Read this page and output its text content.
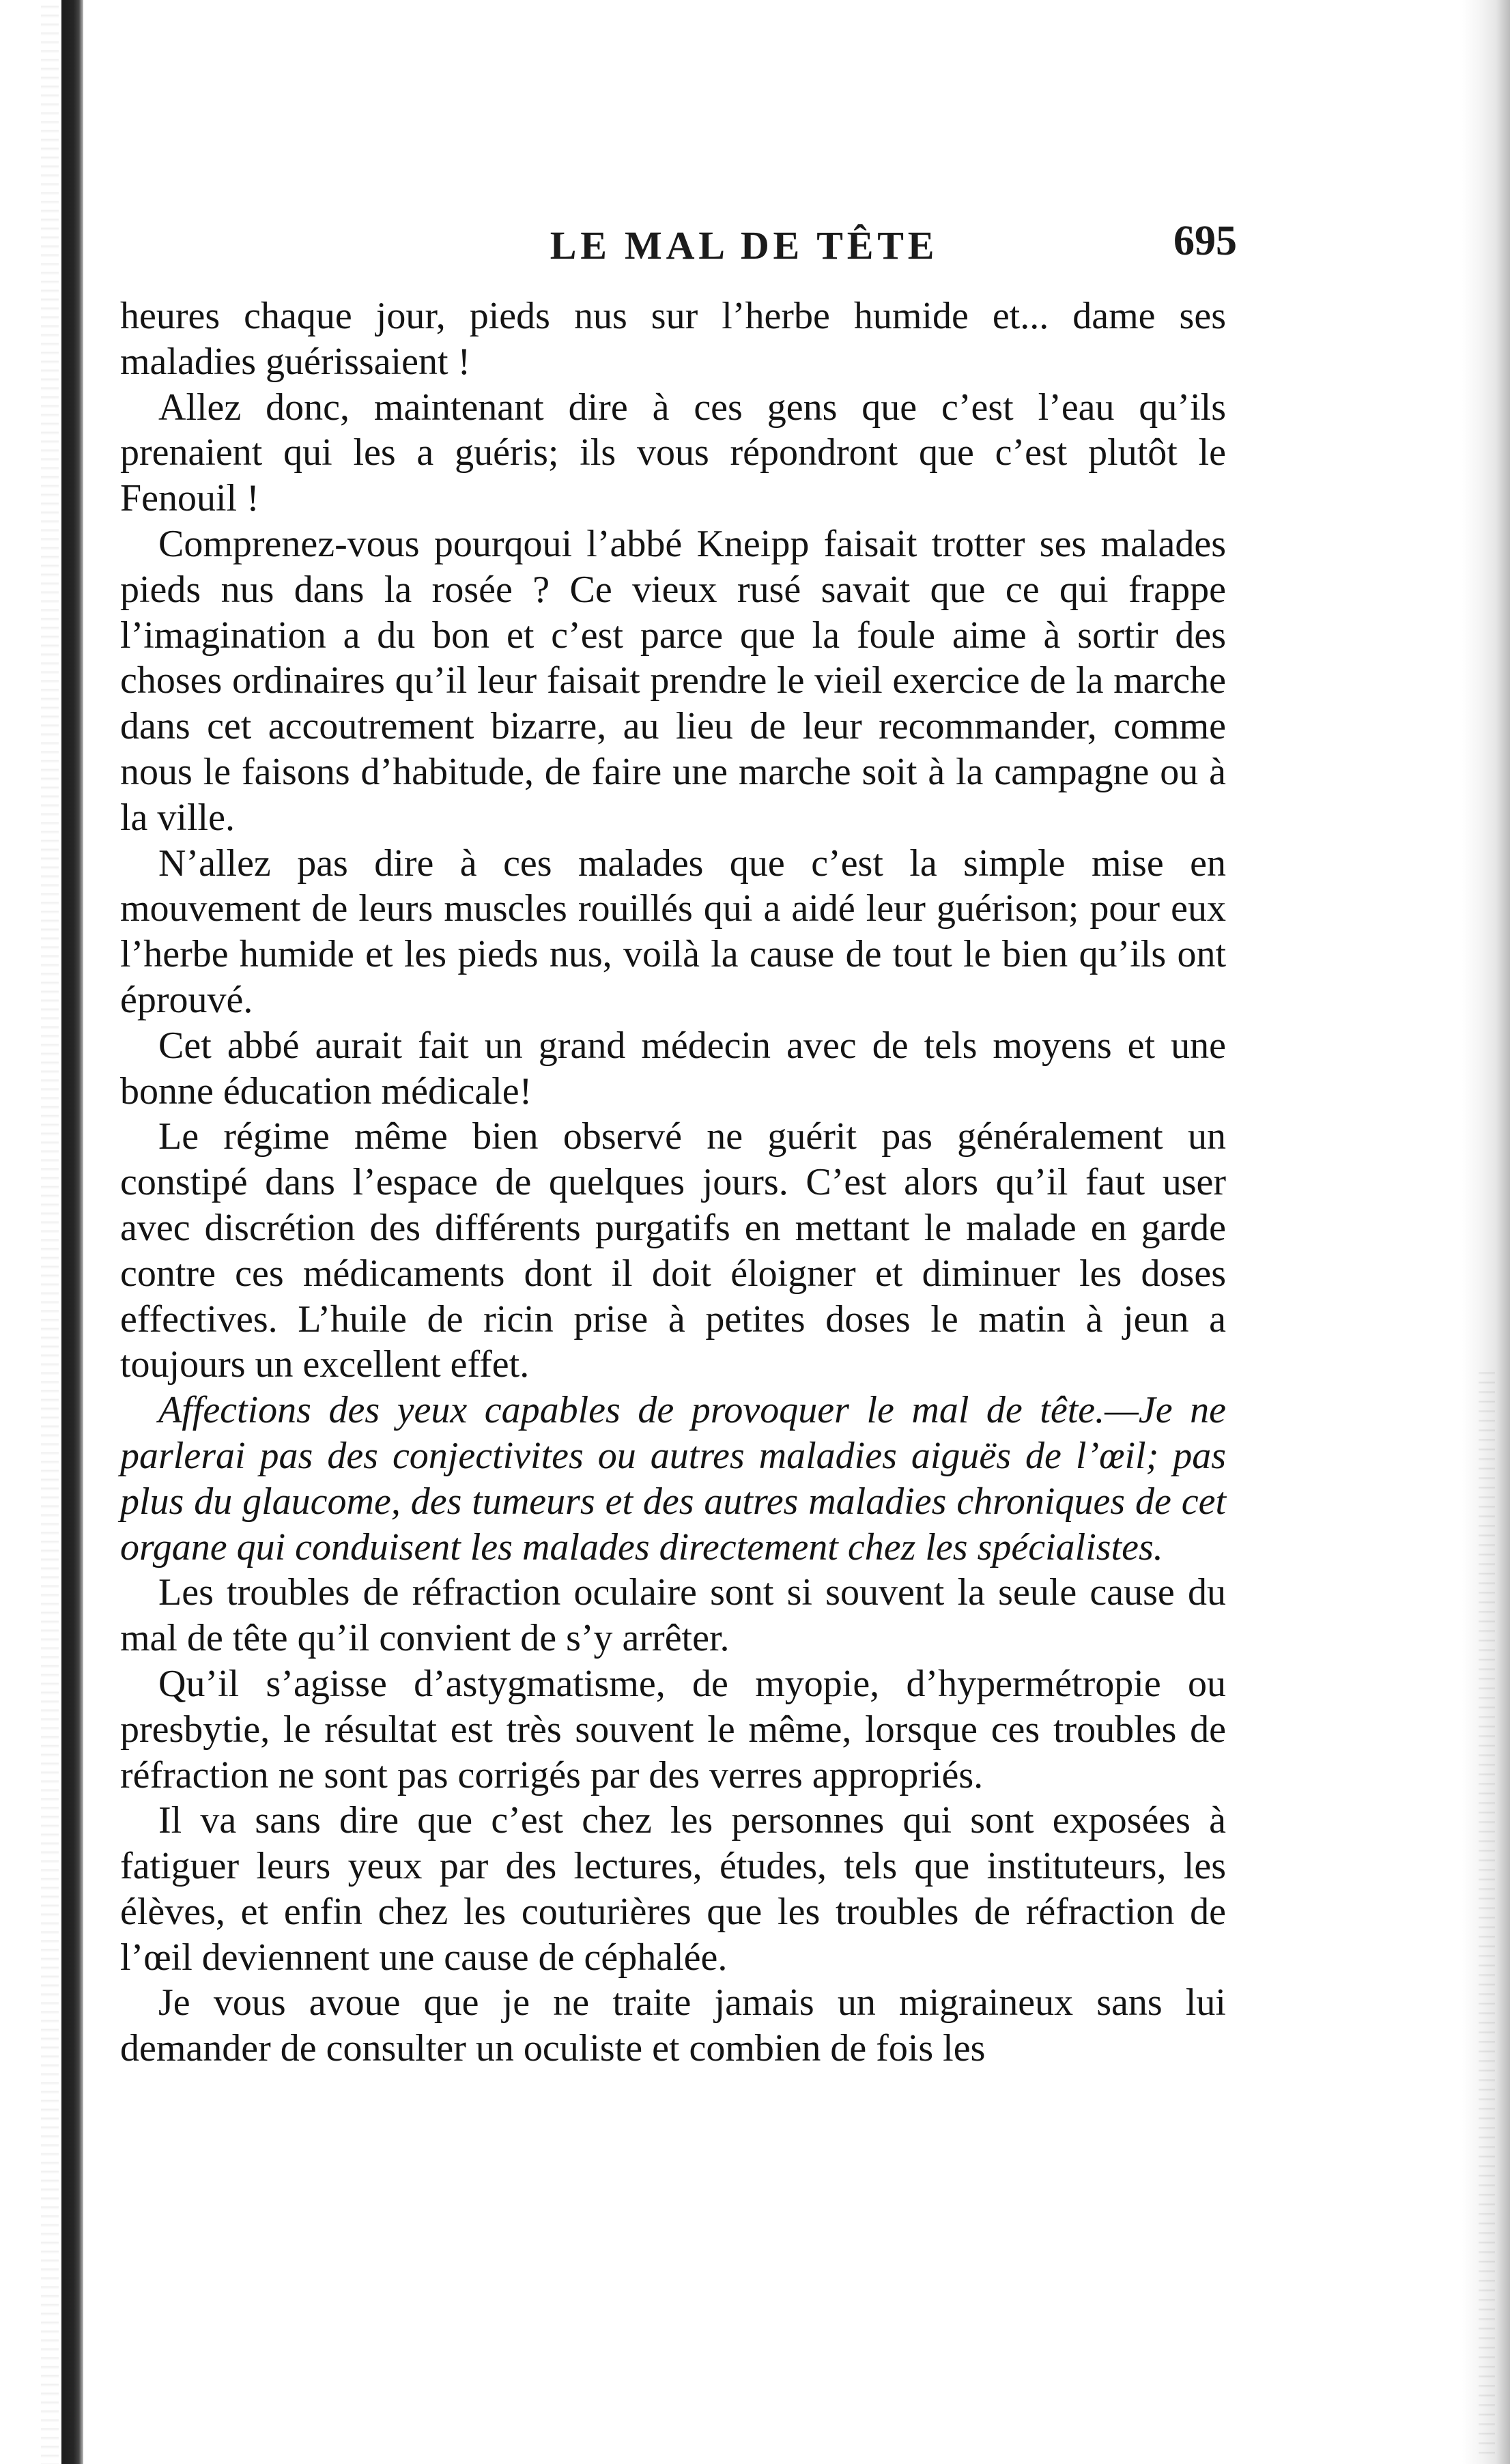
LE MAL DE TÊTE	695

heures chaque jour, pieds nus sur l’herbe humide et... dame ses maladies guérissaient !

Allez donc, maintenant dire à ces gens que c’est l’eau qu’ils prenaient qui les a guéris; ils vous répondront que c’est plutôt le Fenouil !

Comprenez-vous pourqoui l’abbé Kneipp faisait trotter ses malades pieds nus dans la rosée ? Ce vieux rusé savait que ce qui frappe l’imagination a du bon et c’est parce que la foule aime à sortir des choses ordinaires qu’il leur faisait prendre le vieil exercice de la marche dans cet accoutrement bizarre, au lieu de leur recommander, comme nous le faisons d’habitude, de faire une marche soit à la campagne ou à la ville.

N’allez pas dire à ces malades que c’est la simple mise en mouvement de leurs muscles rouillés qui a aidé leur guérison; pour eux l’herbe humide et les pieds nus, voilà la cause de tout le bien qu’ils ont éprouvé.

Cet abbé aurait fait un grand médecin avec de tels moyens et une bonne éducation médicale!

Le régime même bien observé ne guérit pas généralement un constipé dans l’espace de quelques jours. C’est alors qu’il faut user avec discrétion des différents purgatifs en mettant le malade en garde contre ces médicaments dont il doit éloigner et diminuer les doses effectives. L’huile de ricin prise à petites doses le matin à jeun a toujours un excellent effet.

Affections des yeux capables de provoquer le mal de tête.—Je ne parlerai pas des conjectivites ou autres maladies aiguës de l’œil; pas plus du glaucome, des tumeurs et des autres maladies chroniques de cet organe qui conduisent les malades directement chez les spécialistes.

Les troubles de réfraction oculaire sont si souvent la seule cause du mal de tête qu’il convient de s’y arrêter.

Qu’il s’agisse d’astygmatisme, de myopie, d’hypermétropie ou presbytie, le résultat est très souvent le même, lorsque ces troubles de réfraction ne sont pas corrigés par des verres appropriés.

Il va sans dire que c’est chez les personnes qui sont exposées à fatiguer leurs yeux par des lectures, études, tels que instituteurs, les élèves, et enfin chez les couturières que les troubles de réfraction de l’œil deviennent une cause de céphalée.

Je vous avoue que je ne traite jamais un migraineux sans lui demander de consulter un oculiste et combien de fois les
